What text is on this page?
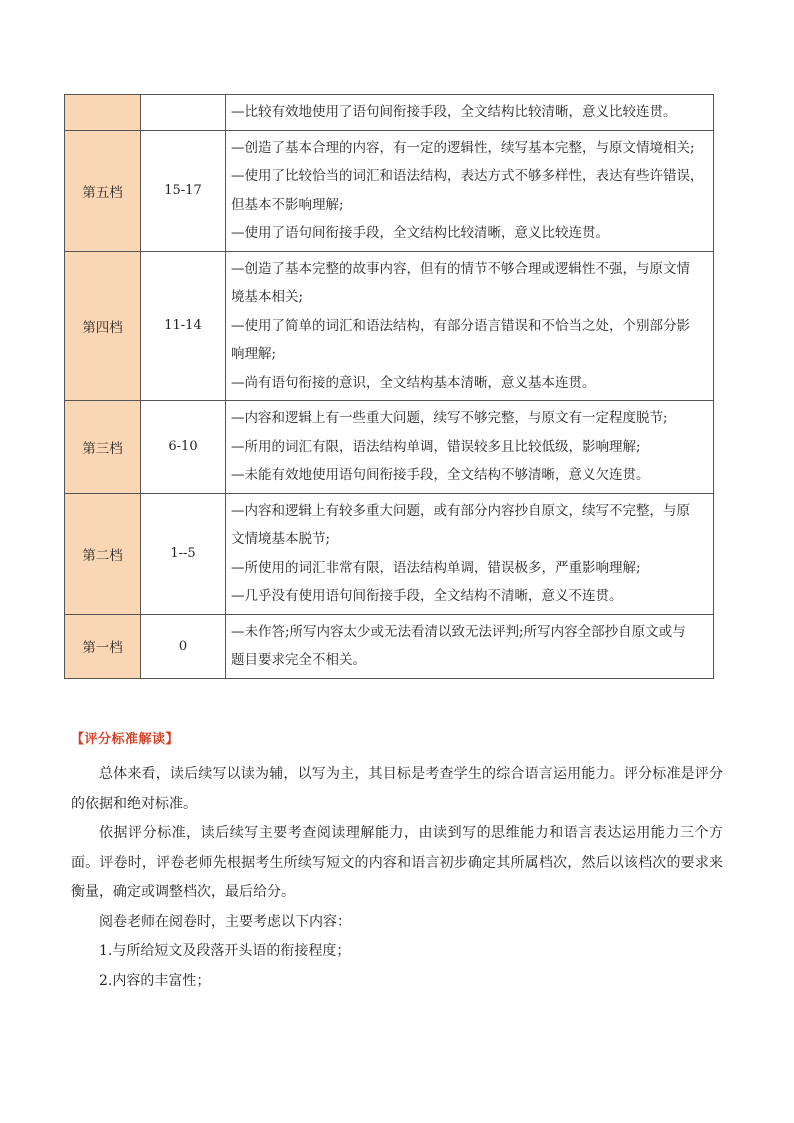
		—比较有效地使用了语句间衔接手段，全文结构比较清晰，意义比较连贯。

第五档	15-17	—创造了基本合理的内容，有一定的逻辑性，续写基本完整，与原文情境相关;
—使用了比较恰当的词汇和语法结构，表达方式不够多样性，表达有些许错误，
但基本不影响理解;
—使用了语句间衔接手段，全文结构比较清晰，意义比较连贯。

第四档	11-14	—创造了基本完整的故事内容，但有的情节不够合理或逻辑性不强，与原文情
境基本相关;
—使用了简单的词汇和语法结构，有部分语言错误和不恰当之处，个别部分影
响理解;
—尚有语句衔接的意识，全文结构基本清晰，意义基本连贯。

第三档	6-10	—内容和逻辑上有一些重大问题，续写不够完整，与原文有一定程度脱节;
—所用的词汇有限，语法结构单调，错误较多且比较低级，影响理解;
—未能有效地使用语句间衔接手段，全文结构不够清晰，意义欠连贯。

第二档	1--5	—内容和逻辑上有较多重大问题，或有部分内容抄自原文，续写不完整，与原
文情境基本脱节;
—所使用的词汇非常有限，语法结构单调，错误极多，严重影响理解;
—几乎没有使用语句间衔接手段，全文结构不清晰，意义不连贯。

第一档	0	—未作答;所写内容太少或无法看清以致无法评判;所写内容全部抄自原文或与
题目要求完全不相关。
【评分标准解读】

总体来看，读后续写以读为辅，以写为主，其目标是考查学生的综合语言运用能力。评分标准是评分的依据和绝对标准。

依据评分标准，读后续写主要考查阅读理解能力，由读到写的思维能力和语言表达运用能力三个方面。评卷时，评卷老师先根据考生所续写短文的内容和语言初步确定其所属档次，然后以该档次的要求来衡量，确定或调整档次，最后给分。

阅卷老师在阅卷时，主要考虑以下内容：

1.与所给短文及段落开头语的衔接程度；

2.内容的丰富性；
